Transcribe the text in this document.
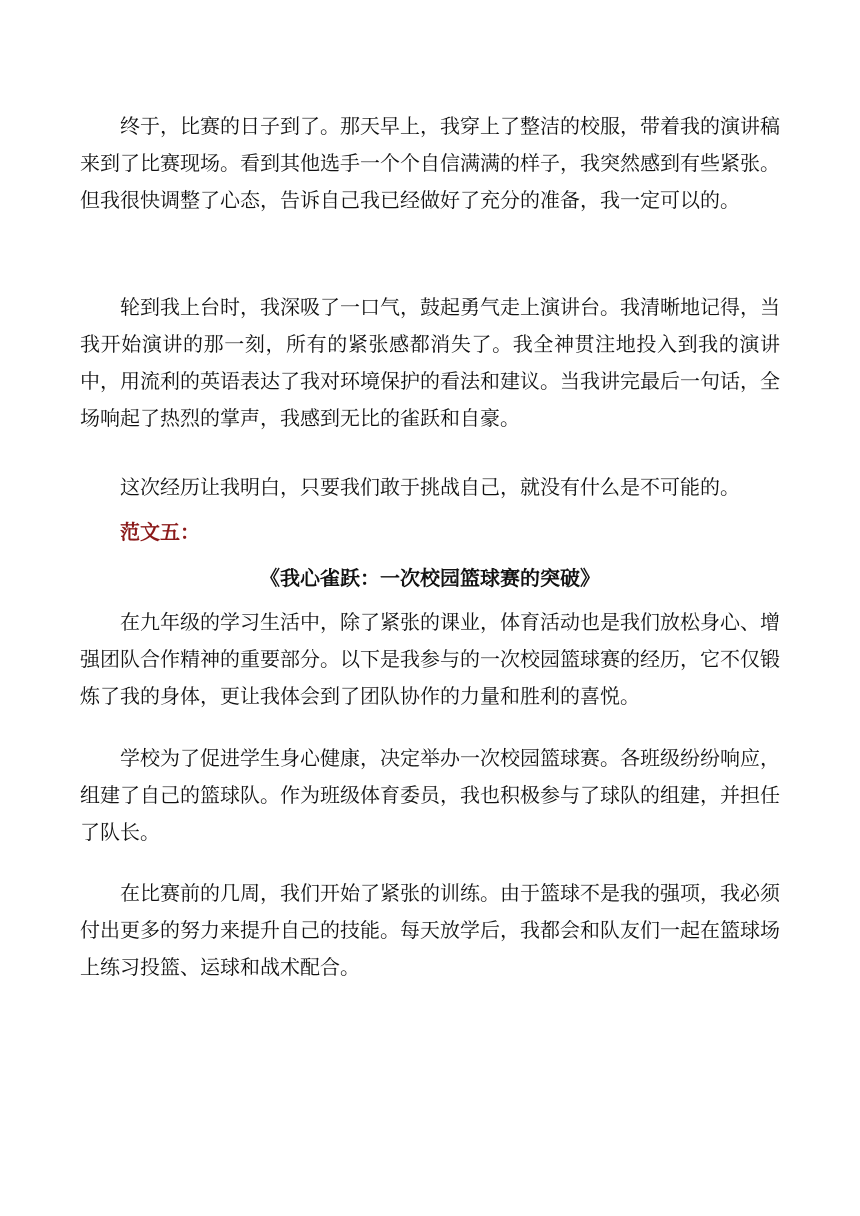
终于，比赛的日子到了。那天早上，我穿上了整洁的校服，带着我的演讲稿来到了比赛现场。看到其他选手一个个自信满满的样子，我突然感到有些紧张。但我很快调整了心态，告诉自己我已经做好了充分的准备，我一定可以的。

轮到我上台时，我深吸了一口气，鼓起勇气走上演讲台。我清晰地记得，当我开始演讲的那一刻，所有的紧张感都消失了。我全神贯注地投入到我的演讲中，用流利的英语表达了我对环境保护的看法和建议。当我讲完最后一句话，全场响起了热烈的掌声，我感到无比的雀跃和自豪。

这次经历让我明白，只要我们敢于挑战自己，就没有什么是不可能的。

范文五：

《我心雀跃：一次校园篮球赛的突破》

在九年级的学习生活中，除了紧张的课业，体育活动也是我们放松身心、增强团队合作精神的重要部分。以下是我参与的一次校园篮球赛的经历，它不仅锻炼了我的身体，更让我体会到了团队协作的力量和胜利的喜悦。

学校为了促进学生身心健康，决定举办一次校园篮球赛。各班级纷纷响应，组建了自己的篮球队。作为班级体育委员，我也积极参与了球队的组建，并担任了队长。

在比赛前的几周，我们开始了紧张的训练。由于篮球不是我的强项，我必须付出更多的努力来提升自己的技能。每天放学后，我都会和队友们一起在篮球场上练习投篮、运球和战术配合。
